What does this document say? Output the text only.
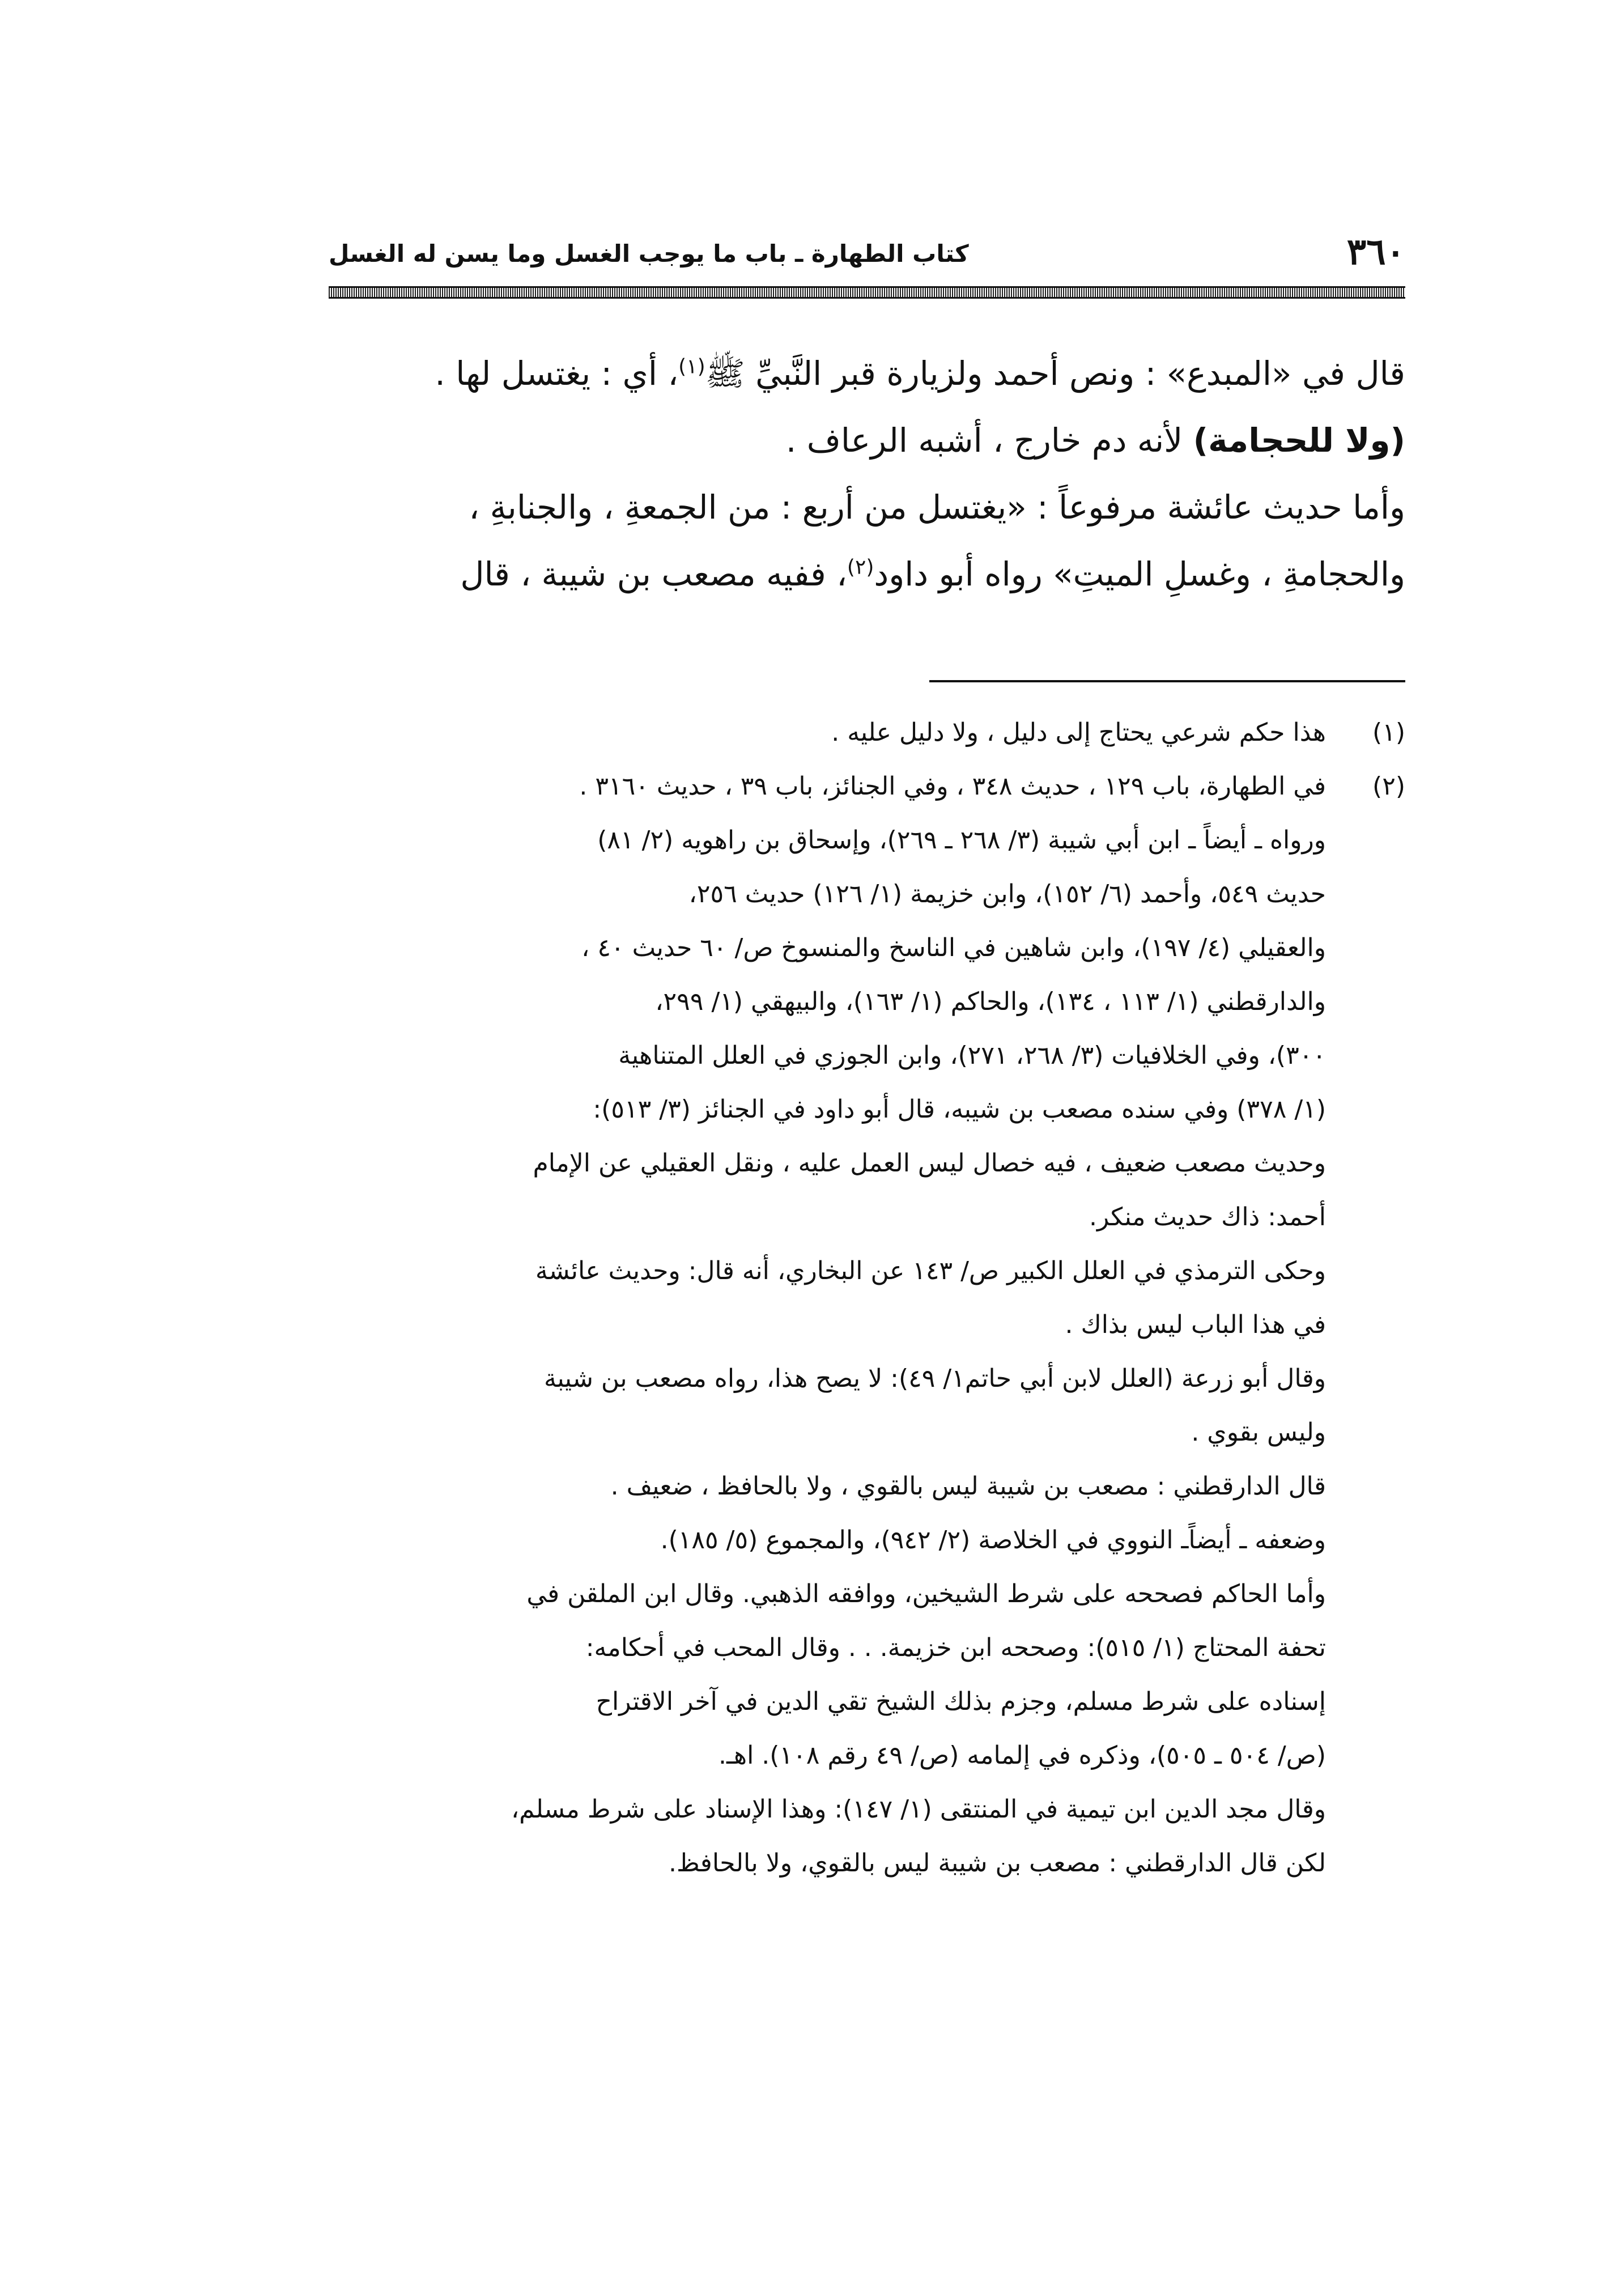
٣٦٠
كتاب الطهارة ـ باب ما يوجب الغسل وما يسن له الغسل

قال في «المبدع» : ونص أحمد ولزيارة قبر النَّبيِّ ﷺ$^{(١)}$، أي : يغتسل لها .

(ولا للحجامة) لأنه دم خارج ، أشبه الرعاف .

وأما حديث عائشة مرفوعاً : «يغتسل من أربع : من الجمعةِ ، والجنابةِ ،

والحجامةِ ، وغسلِ الميتِ» رواه أبو داود$^{(٢)}$، ففيه مصعب بن شيبة ، قال

(١)

هذا حكم شرعي يحتاج إلى دليل ، ولا دليل عليه .

(٢)

في الطهارة، باب ١٢٩ ، حديث ٣٤٨ ، وفي الجنائز، باب ٣٩ ، حديث ٣١٦٠ .

ورواه ـ أيضاً ـ ابن أبي شيبة (٣/ ٢٦٨ ـ ٢٦٩)، وإسحاق بن راهويه (٢/ ٨١)

حديث ٥٤٩، وأحمد (٦/ ١٥٢)، وابن خزيمة (١/ ١٢٦) حديث ٢٥٦،

والعقيلي (٤/ ١٩٧)، وابن شاهين في الناسخ والمنسوخ ص/ ٦٠ حديث ٤٠ ،

والدارقطني (١/ ١١٣ ، ١٣٤)، والحاكم (١/ ١٦٣)، والبيهقي (١/ ٢٩٩،

٣٠٠)، وفي الخلافيات (٣/ ٢٦٨، ٢٧١)، وابن الجوزي في العلل المتناهية

(١/ ٣٧٨) وفي سنده مصعب بن شيبه، قال أبو داود في الجنائز (٣/ ٥١٣):

وحديث مصعب ضعيف ، فيه خصال ليس العمل عليه ، ونقل العقيلي عن الإمام

أحمد: ذاك حديث منكر.

وحكى الترمذي في العلل الكبير ص/ ١٤٣ عن البخاري، أنه قال: وحديث عائشة

في هذا الباب ليس بذاك .

وقال أبو زرعة (العلل لابن أبي حاتم١/ ٤٩): لا يصح هذا، رواه مصعب بن شيبة

وليس بقوي .

قال الدارقطني : مصعب بن شيبة ليس بالقوي ، ولا بالحافظ ، ضعيف .

وضعفه ـ أيضاًـ النووي في الخلاصة (٢/ ٩٤٢)، والمجموع (٥/ ١٨٥).

وأما الحاكم فصححه على شرط الشيخين، ووافقه الذهبي. وقال ابن الملقن في

تحفة المحتاج (١/ ٥١٥): وصححه ابن خزيمة. . . وقال المحب في أحكامه:

إسناده على شرط مسلم، وجزم بذلك الشيخ تقي الدين في آخر الاقتراح

(ص/ ٥٠٤ ـ ٥٠٥)، وذكره في إلمامه (ص/ ٤٩ رقم ١٠٨). اهـ.

وقال مجد الدين ابن تيمية في المنتقى (١/ ١٤٧): وهذا الإسناد على شرط مسلم،

لكن قال الدارقطني : مصعب بن شيبة ليس بالقوي، ولا بالحافظ.
